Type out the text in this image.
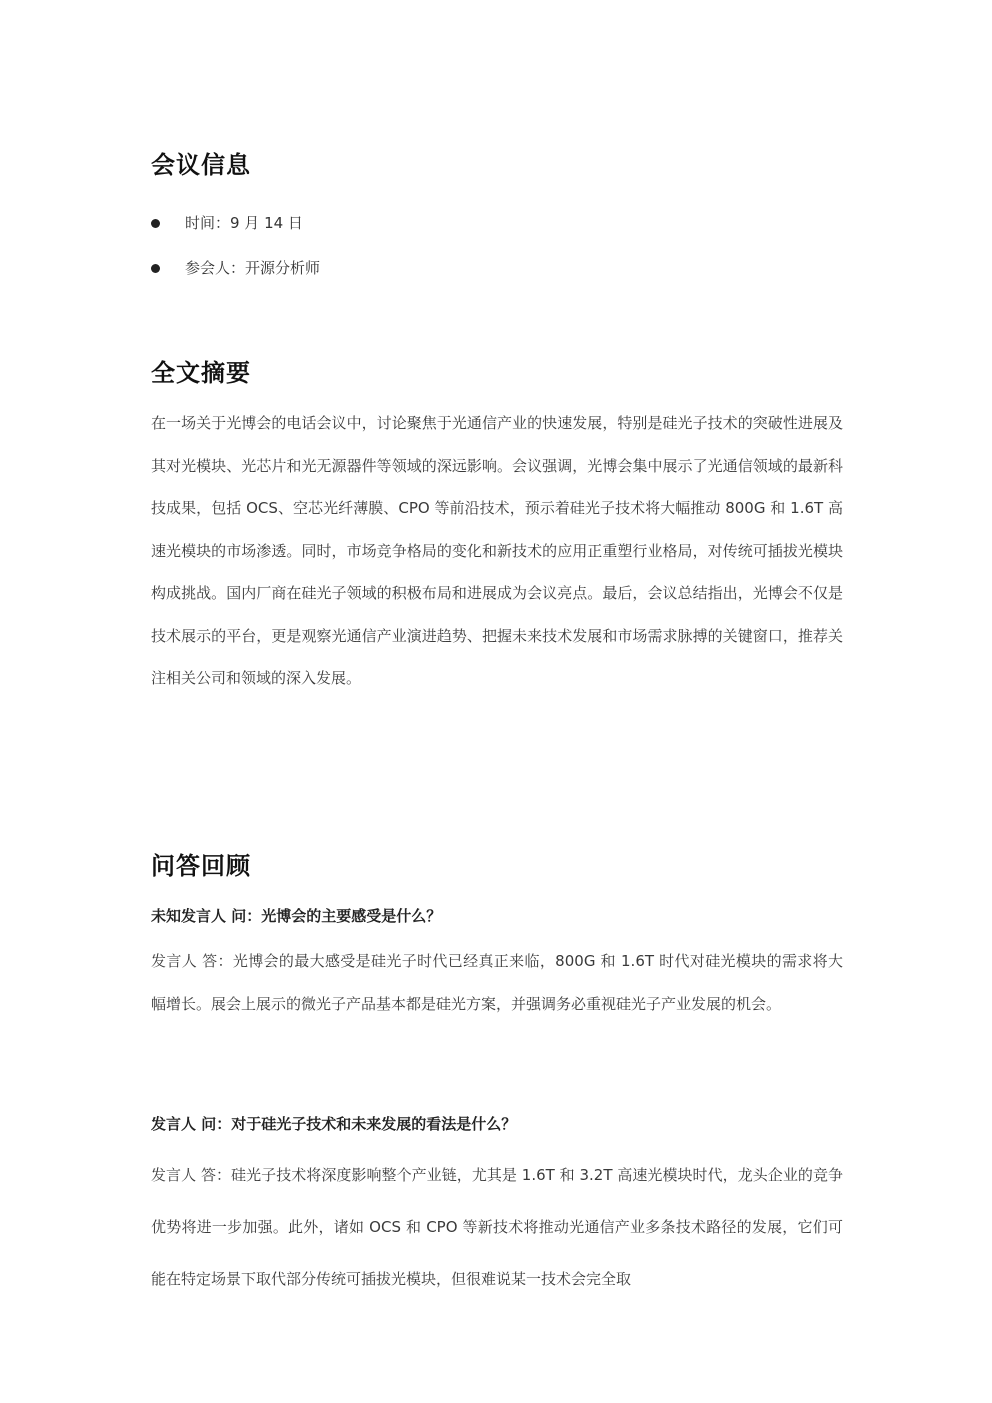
会议信息
时间：9 月 14 日
参会人：开源分析师
全文摘要

在一场关于光博会的电话会议中，讨论聚焦于光通信产业的快速发展，特别是硅光子技术的突破性进展及其对光模块、光芯片和光无源器件等领域的深远影响。会议强调，光博会集中展示了光通信领域的最新科技成果，包括 OCS、空芯光纤薄膜、CPO 等前沿技术，预示着硅光子技术将大幅推动 800G 和 1.6T 高速光模块的市场渗透。同时，市场竞争格局的变化和新技术的应用正重塑行业格局，对传统可插拔光模块构成挑战。国内厂商在硅光子领域的积极布局和进展成为会议亮点。最后，会议总结指出，光博会不仅是技术展示的平台，更是观察光通信产业演进趋势、把握未来技术发展和市场需求脉搏的关键窗口，推荐关注相关公司和领域的深入发展。

问答回顾
未知发言人 问：光博会的主要感受是什么？

发言人 答：光博会的最大感受是硅光子时代已经真正来临，800G 和 1.6T 时代对硅光模块的需求将大幅增长。展会上展示的微光子产品基本都是硅光方案，并强调务必重视硅光子产业发展的机会。

发言人 问：对于硅光子技术和未来发展的看法是什么？

发言人 答：硅光子技术将深度影响整个产业链，尤其是 1.6T 和 3.2T 高速光模块时代，龙头企业的竞争优势将进一步加强。此外，诸如 OCS 和 CPO 等新技术将推动光通信产业多条技术路径的发展，它们可能在特定场景下取代部分传统可插拔光模块，但很难说某一技术会完全取
